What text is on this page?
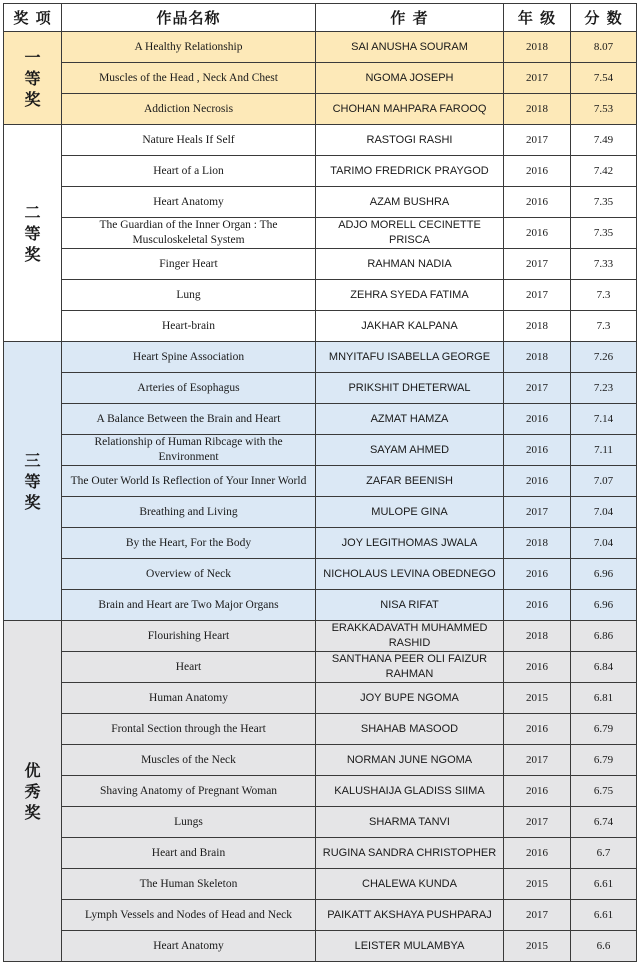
奖 项	作品名称	作 者	年 级	分 数

一
等
奖	A Healthy Relationship	SAI ANUSHA SOURAM	2018	8.07
	Muscles of the Head , Neck And Chest	NGOMA JOSEPH	2017	7.54
	Addiction Necrosis	CHOHAN MAHPARA FAROOQ	2018	7.53

二
等
奖	Nature Heals If Self	RASTOGI RASHI	2017	7.49
	Heart of a Lion	TARIMO FREDRICK PRAYGOD	2016	7.42
	Heart Anatomy	AZAM BUSHRA	2016	7.35
	The Guardian of the Inner Organ : The Musculoskeletal System	ADJO MORELL CECINETTE PRISCA	2016	7.35
	Finger Heart	RAHMAN NADIA	2017	7.33
	Lung	ZEHRA SYEDA FATIMA	2017	7.3
	Heart-brain	JAKHAR KALPANA	2018	7.3

三
等
奖	Heart Spine Association	MNYITAFU ISABELLA GEORGE	2018	7.26
	Arteries of Esophagus	PRIKSHIT DHETERWAL	2017	7.23
	A Balance Between the Brain and Heart	AZMAT HAMZA	2016	7.14
	Relationship of Human Ribcage with the Environment	SAYAM AHMED	2016	7.11
	The Outer World Is Reflection of Your Inner World	ZAFAR BEENISH	2016	7.07
	Breathing and Living	MULOPE GINA	2017	7.04
	By the Heart, For the Body	JOY LEGITHOMAS JWALA	2018	7.04
	Overview of Neck	NICHOLAUS LEVINA OBEDNEGO	2016	6.96
	Brain and Heart are Two Major Organs	NISA RIFAT	2016	6.96

优
秀
奖	Flourishing Heart	ERAKKADAVATH MUHAMMED RASHID	2018	6.86
	Heart	SANTHANA PEER OLI FAIZUR RAHMAN	2016	6.84
	Human Anatomy	JOY BUPE NGOMA	2015	6.81
	Frontal Section through the Heart	SHAHAB MASOOD	2016	6.79
	Muscles of the Neck	NORMAN JUNE NGOMA	2017	6.79
	Shaving Anatomy of Pregnant Woman	KALUSHAIJA GLADISS SIIMA	2016	6.75
	Lungs	SHARMA TANVI	2017	6.74
	Heart and Brain	RUGINA SANDRA CHRISTOPHER	2016	6.7
	The Human Skeleton	CHALEWA KUNDA	2015	6.61
	Lymph Vessels and Nodes of Head and Neck	PAIKATT AKSHAYA PUSHPARAJ	2017	6.61
	Heart Anatomy	LEISTER MULAMBYA	2015	6.6
